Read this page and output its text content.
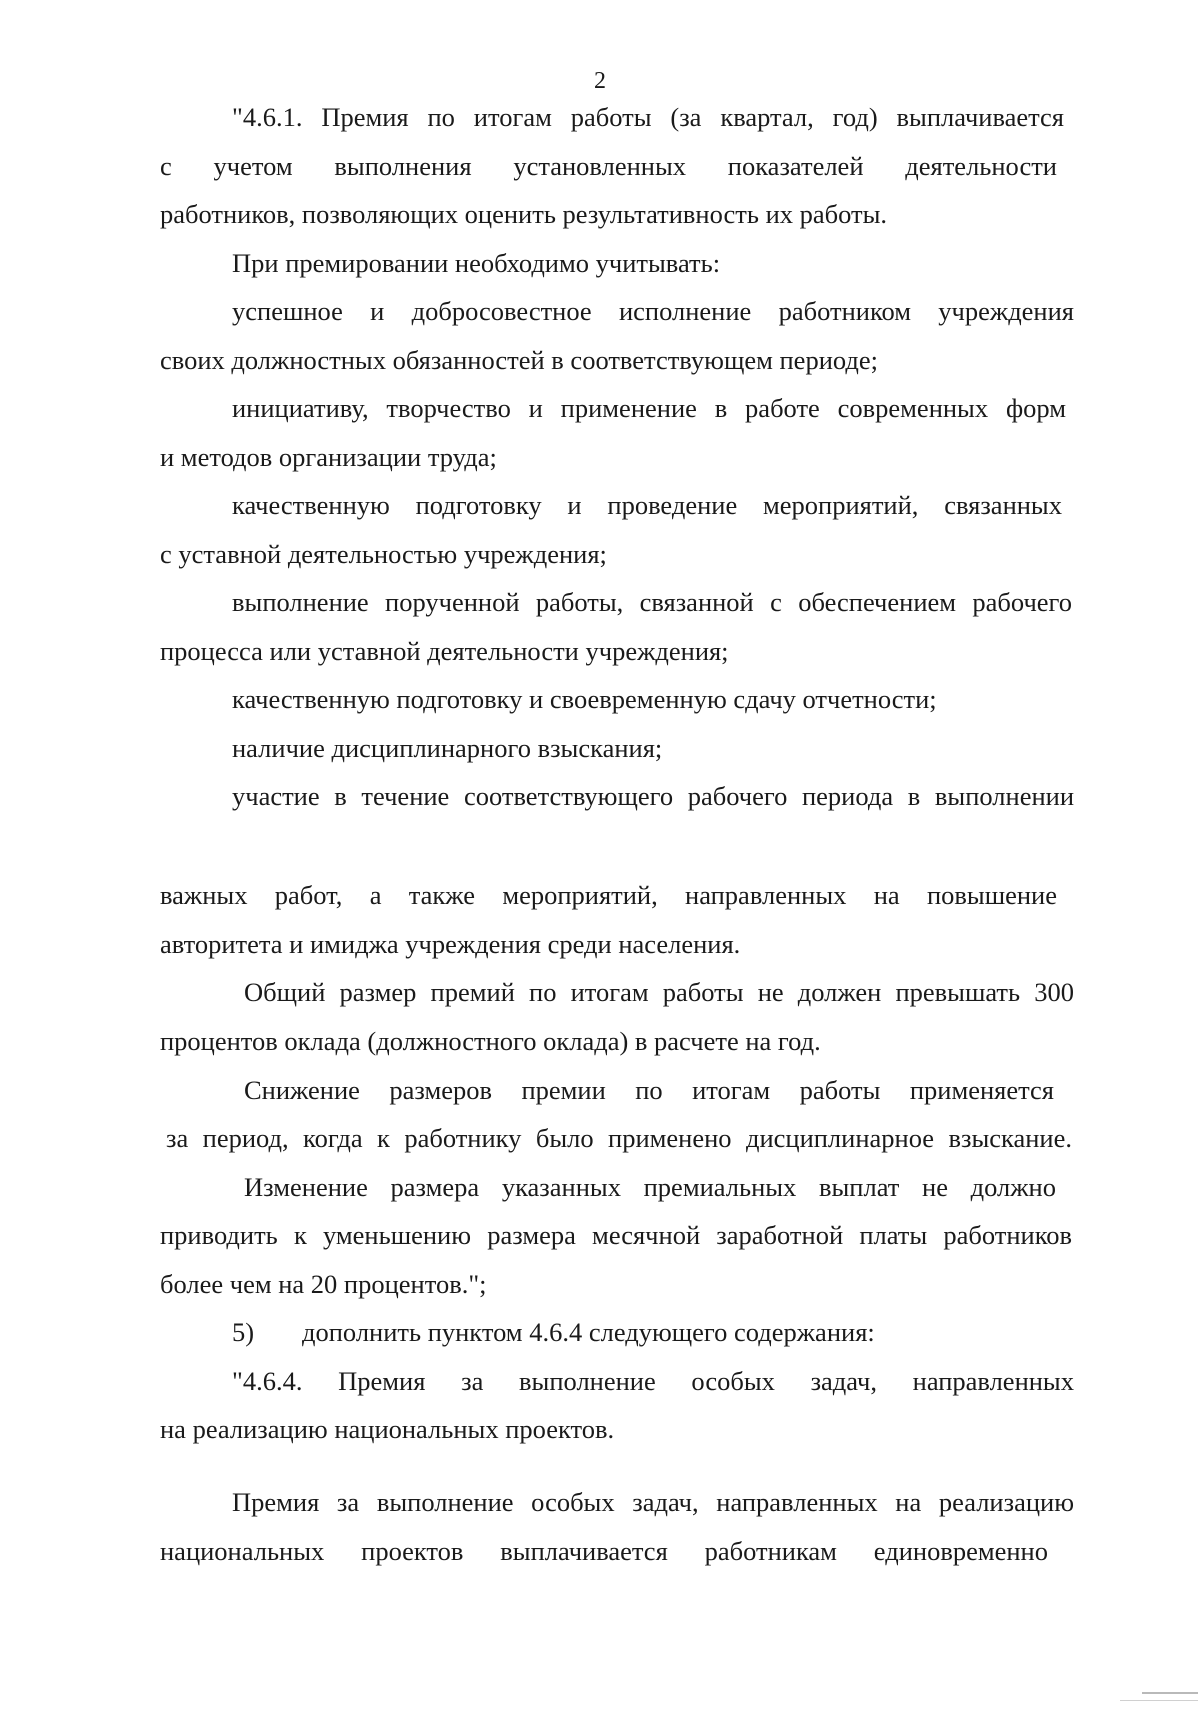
2
"4.6.1. Премия по итогам работы (за квартал, год) выплачивается
с учетом выполнения установленных показателей деятельности
работников, позволяющих оценить результативность их работы.
При премировании необходимо учитывать:
успешное и добросовестное исполнение работником учреждения
своих должностных обязанностей в соответствующем периоде;
инициативу, творчество и применение в работе современных форм
и методов организации труда;
качественную подготовку и проведение мероприятий, связанных
с уставной деятельностью учреждения;
выполнение порученной работы, связанной с обеспечением рабочего
процесса или уставной деятельности учреждения;
качественную подготовку и своевременную сдачу отчетности;
наличие дисциплинарного взыскания;
участие в течение соответствующего рабочего периода в выполнении
важных работ, а также мероприятий, направленных на повышение
авторитета и имиджа учреждения среди населения.
Общий размер премий по итогам работы не должен превышать 300
процентов оклада (должностного оклада) в расчете на год.
Снижение размеров премии по итогам работы применяется
за период, когда к работнику было применено дисциплинарное взыскание.
Изменение размера указанных премиальных выплат не должно
приводить к уменьшению размера месячной заработной платы работников
более чем на 20 процентов.";
5)	дополнить пунктом 4.6.4 следующего содержания:
"4.6.4. Премия за выполнение особых задач, направленных
на реализацию национальных проектов.
Премия за выполнение особых задач, направленных на реализацию
национальных проектов выплачивается работникам единовременно
